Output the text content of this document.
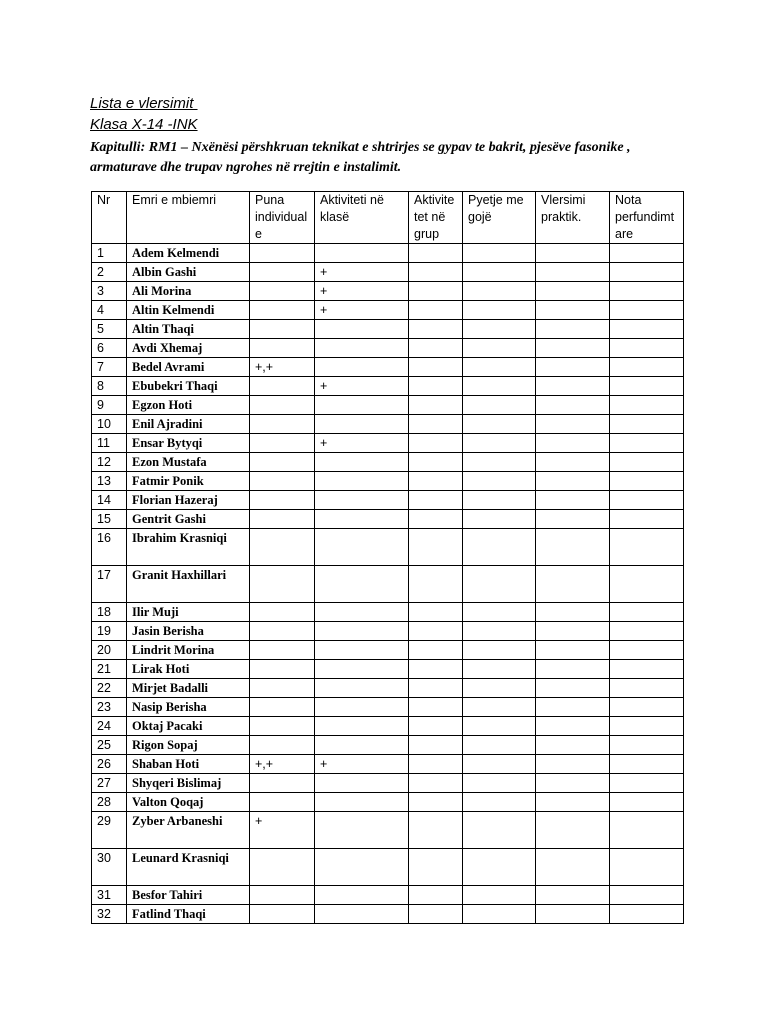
Lista e vlersimit
Klasa X-14 -INK
Kapitulli: RM1 – Nxënësi përshkruan teknikat e shtrirjes se gypav te bakrit, pjesëve fasonike , armaturave dhe trupav ngrohes në rrejtin e instalimit.
Nr	Emri e mbiemri	Puna individual e	Aktiviteti në klasë	Aktivite tet në grup	Pyetje me gojë	Vlersimi praktik.	Nota perfundimt are
1	Adem Kelmendi						
2	Albin Gashi		+				
3	Ali Morina		+				
4	Altin Kelmendi		+				
5	Altin Thaqi						
6	Avdi Xhemaj						
7	Bedel Avrami	+,+					
8	Ebubekri Thaqi		+				
9	Egzon Hoti						
10	Enil Ajradini						
11	Ensar Bytyqi		+				
12	Ezon Mustafa						
13	Fatmir Ponik						
14	Florian Hazeraj						
15	Gentrit Gashi						
16	Ibrahim Krasniqi						
17	Granit Haxhillari						
18	Ilir Muji						
19	Jasin Berisha						
20	Lindrit Morina						
21	Lirak Hoti						
22	Mirjet Badalli						
23	Nasip Berisha						
24	Oktaj Pacaki						
25	Rigon Sopaj						
26	Shaban Hoti	+,+	+				
27	Shyqeri Bislimaj						
28	Valton Qoqaj						
29	Zyber Arbaneshi	+					
30	Leunard Krasniqi						
31	Besfor Tahiri						
32	Fatlind Thaqi						
